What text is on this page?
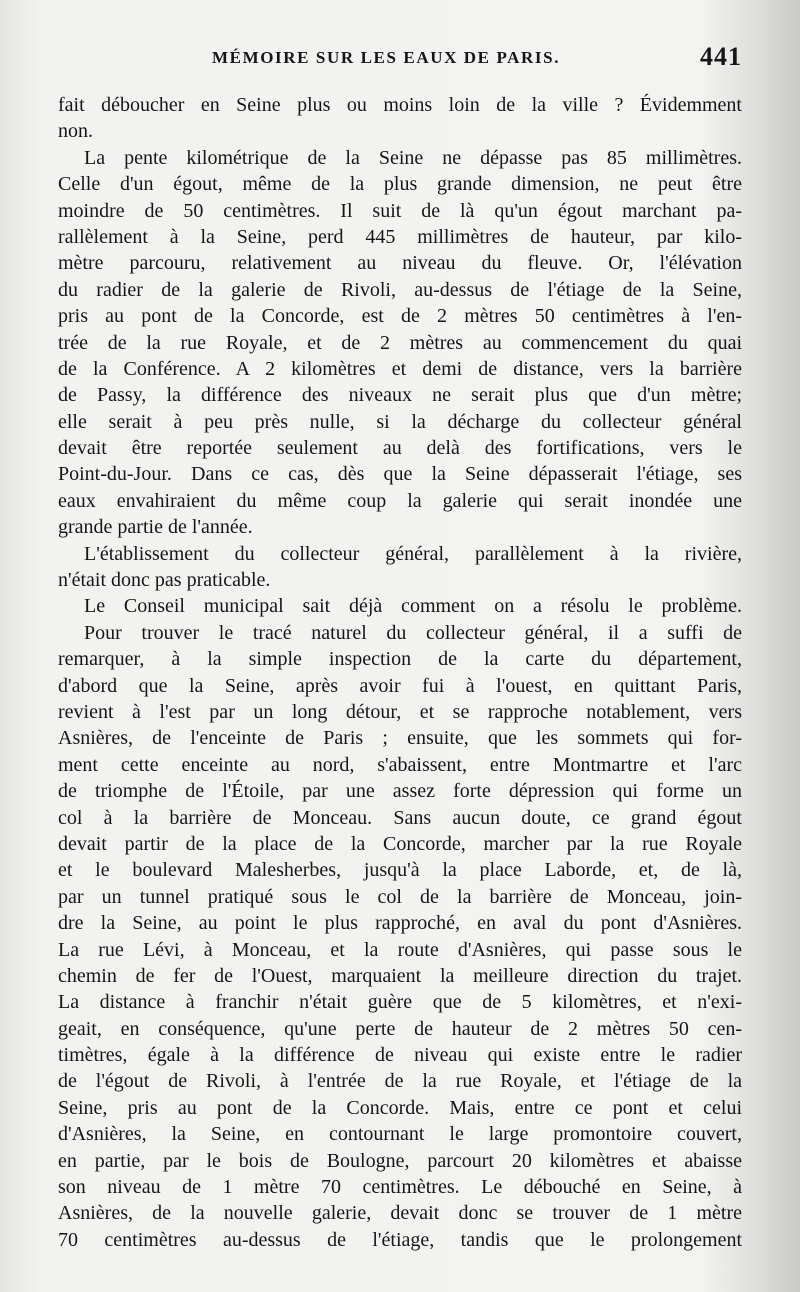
MÉMOIRE SUR LES EAUX DE PARIS.	441
fait déboucher en Seine plus ou moins loin de la ville ? Évidemment
non.
La pente kilométrique de la Seine ne dépasse pas 85 millimètres.
Celle d'un égout, même de la plus grande dimension, ne peut être
moindre de 50 centimètres. Il suit de là qu'un égout marchant pa-
rallèlement à la Seine, perd 445 millimètres de hauteur, par kilo-
mètre parcouru, relativement au niveau du fleuve. Or, l'élévation
du radier de la galerie de Rivoli, au-dessus de l'étiage de la Seine,
pris au pont de la Concorde, est de 2 mètres 50 centimètres à l'en-
trée de la rue Royale, et de 2 mètres au commencement du quai
de la Conférence. A 2 kilomètres et demi de distance, vers la barrière
de Passy, la différence des niveaux ne serait plus que d'un mètre;
elle serait à peu près nulle, si la décharge du collecteur général
devait être reportée seulement au delà des fortifications, vers le
Point-du-Jour. Dans ce cas, dès que la Seine dépasserait l'étiage, ses
eaux envahiraient du même coup la galerie qui serait inondée une
grande partie de l'année.
L'établissement du collecteur général, parallèlement à la rivière,
n'était donc pas praticable.
Le Conseil municipal sait déjà comment on a résolu le problème.
Pour trouver le tracé naturel du collecteur général, il a suffi de
remarquer, à la simple inspection de la carte du département,
d'abord que la Seine, après avoir fui à l'ouest, en quittant Paris,
revient à l'est par un long détour, et se rapproche notablement, vers
Asnières, de l'enceinte de Paris ; ensuite, que les sommets qui for-
ment cette enceinte au nord, s'abaissent, entre Montmartre et l'arc
de triomphe de l'Étoile, par une assez forte dépression qui forme un
col à la barrière de Monceau. Sans aucun doute, ce grand égout
devait partir de la place de la Concorde, marcher par la rue Royale
et le boulevard Malesherbes, jusqu'à la place Laborde, et, de là,
par un tunnel pratiqué sous le col de la barrière de Monceau, join-
dre la Seine, au point le plus rapproché, en aval du pont d'Asnières.
La rue Lévi, à Monceau, et la route d'Asnières, qui passe sous le
chemin de fer de l'Ouest, marquaient la meilleure direction du trajet.
La distance à franchir n'était guère que de 5 kilomètres, et n'exi-
geait, en conséquence, qu'une perte de hauteur de 2 mètres 50 cen-
timètres, égale à la différence de niveau qui existe entre le radier
de l'égout de Rivoli, à l'entrée de la rue Royale, et l'étiage de la
Seine, pris au pont de la Concorde. Mais, entre ce pont et celui
d'Asnières, la Seine, en contournant le large promontoire couvert,
en partie, par le bois de Boulogne, parcourt 20 kilomètres et abaisse
son niveau de 1 mètre 70 centimètres. Le débouché en Seine, à
Asnières, de la nouvelle galerie, devait donc se trouver de 1 mètre
70 centimètres au-dessus de l'étiage, tandis que le prolongement
